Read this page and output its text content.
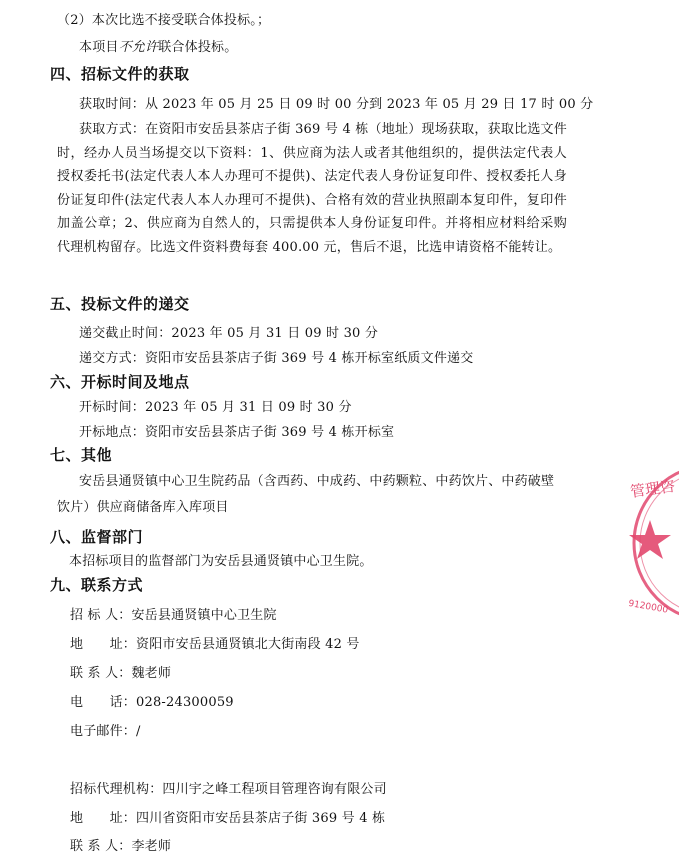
（2）本次比选不接受联合体投标。；
本项目不允许联合体投标。
四、招标文件的获取
获取时间：从 2023 年 05 月 25 日 09 时 00 分到 2023 年 05 月 29 日 17 时 00 分
获取方式：在资阳市安岳县茶店子街 369 号 4 栋（地址）现场获取，获取比选文件时，经办人员当场提交以下资料：1、供应商为法人或者其他组织的，提供法定代表人授权委托书(法定代表人本人办理可不提供)、法定代表人身份证复印件、授权委托人身份证复印件(法定代表人本人办理可不提供)、合格有效的营业执照副本复印件，复印件加盖公章；2、供应商为自然人的，只需提供本人身份证复印件。并将相应材料给采购代理机构留存。比选文件资料费每套 400.00 元，售后不退，比选申请资格不能转让。
五、投标文件的递交
递交截止时间：2023 年 05 月 31 日 09 时 30 分
递交方式：资阳市安岳县茶店子街 369 号 4 栋开标室纸质文件递交
六、开标时间及地点
开标时间：2023 年 05 月 31 日 09 时 30 分
开标地点：资阳市安岳县茶店子街 369 号 4 栋开标室
七、其他
安岳县通贤镇中心卫生院药品（含西药、中成药、中药颗粒、中药饮片、中药破壁饮片）供应商储备库入库项目
八、监督部门
本招标项目的监督部门为安岳县通贤镇中心卫生院。
九、联系方式
招 标 人：安岳县通贤镇中心卫生院
地　　址：资阳市安岳县通贤镇北大街南段 42 号
联 系 人：魏老师
电　　话：028-24300059
电子邮件：/
招标代理机构：四川宇之峰工程项目管理咨询有限公司
地　　址：四川省资阳市安岳县茶店子街 369 号 4 栋
联 系 人：李老师
管理咨
9120000
